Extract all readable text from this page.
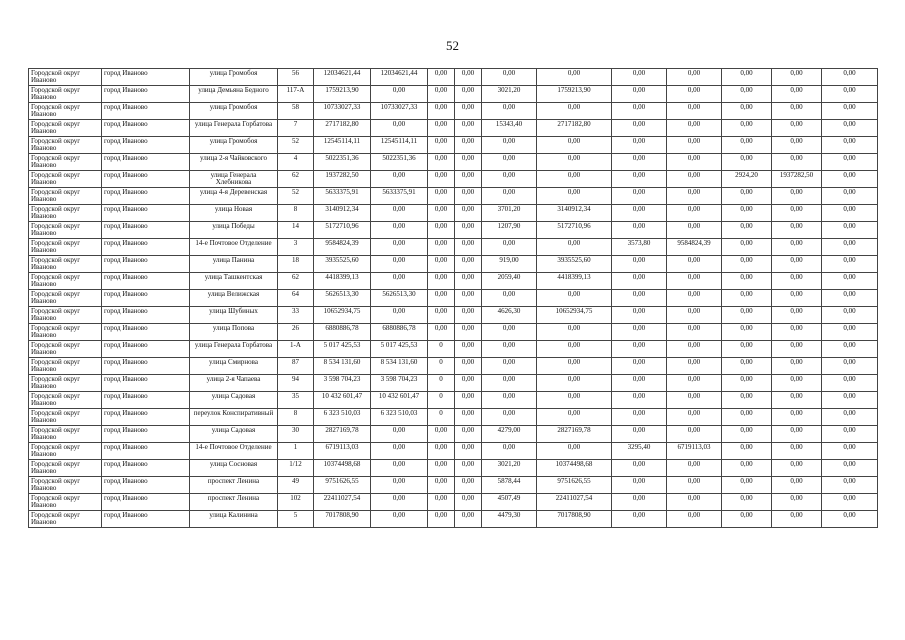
52
Городской округ Иваново	город Иваново	улица Громобоя	56	12034621,44	12034621,44	0,00	0,00	0,00	0,00	0,00	0,00	0,00	0,00	0,00
Городской округ Иваново	город Иваново	улица Демьяна Бедного	117-А	1759213,90	0,00	0,00	0,00	3021,20	1759213,90	0,00	0,00	0,00	0,00	0,00
Городской округ Иваново	город Иваново	улица Громобоя	58	10733027,33	10733027,33	0,00	0,00	0,00	0,00	0,00	0,00	0,00	0,00	0,00
Городской округ Иваново	город Иваново	улица Генерала Горбатова	7	2717182,80	0,00	0,00	0,00	15343,40	2717182,80	0,00	0,00	0,00	0,00	0,00
Городской округ Иваново	город Иваново	улица Громобоя	52	12545114,11	12545114,11	0,00	0,00	0,00	0,00	0,00	0,00	0,00	0,00	0,00
Городской округ Иваново	город Иваново	улица 2-я Чайковского	4	5022351,36	5022351,36	0,00	0,00	0,00	0,00	0,00	0,00	0,00	0,00	0,00
Городской округ Иваново	город Иваново	улица Генерала Хлебникова	62	1937282,50	0,00	0,00	0,00	0,00	0,00	0,00	0,00	2924,20	1937282,50	0,00
Городской округ Иваново	город Иваново	улица 4-я Деревенская	52	5633375,91	5633375,91	0,00	0,00	0,00	0,00	0,00	0,00	0,00	0,00	0,00
Городской округ Иваново	город Иваново	улица Новая	8	3140912,34	0,00	0,00	0,00	3701,20	3140912,34	0,00	0,00	0,00	0,00	0,00
Городской округ Иваново	город Иваново	улица Победы	14	5172710,96	0,00	0,00	0,00	1207,90	5172710,96	0,00	0,00	0,00	0,00	0,00
Городской округ Иваново	город Иваново	14-е Почтовое Отделение	3	9584824,39	0,00	0,00	0,00	0,00	0,00	3573,80	9584824,39	0,00	0,00	0,00
Городской округ Иваново	город Иваново	улица Панина	18	3935525,60	0,00	0,00	0,00	919,00	3935525,60	0,00	0,00	0,00	0,00	0,00
Городской округ Иваново	город Иваново	улица Ташкентская	62	4418399,13	0,00	0,00	0,00	2059,40	4418399,13	0,00	0,00	0,00	0,00	0,00
Городской округ Иваново	город Иваново	улица Велижская	64	5626513,30	5626513,30	0,00	0,00	0,00	0,00	0,00	0,00	0,00	0,00	0,00
Городской округ Иваново	город Иваново	улица Шубиных	33	10652934,75	0,00	0,00	0,00	4626,30	10652934,75	0,00	0,00	0,00	0,00	0,00
Городской округ Иваново	город Иваново	улица Попова	26	6880886,78	6880886,78	0,00	0,00	0,00	0,00	0,00	0,00	0,00	0,00	0,00
Городской округ Иваново	город Иваново	улица Генерала Горбатова	1-А	5 017 425,53	5 017 425,53	0	0,00	0,00	0,00	0,00	0,00	0,00	0,00	0,00
Городской округ Иваново	город Иваново	улица Смирнова	87	8 534 131,60	8 534 131,60	0	0,00	0,00	0,00	0,00	0,00	0,00	0,00	0,00
Городской округ Иваново	город Иваново	улица 2-я Чапаева	94	3 598 704,23	3 598 704,23	0	0,00	0,00	0,00	0,00	0,00	0,00	0,00	0,00
Городской округ Иваново	город Иваново	улица Садовая	35	10 432 601,47	10 432 601,47	0	0,00	0,00	0,00	0,00	0,00	0,00	0,00	0,00
Городской округ Иваново	город Иваново	переулок Конспиративный	8	6 323 510,03	6 323 510,03	0	0,00	0,00	0,00	0,00	0,00	0,00	0,00	0,00
Городской округ Иваново	город Иваново	улица Садовая	30	2827169,78	0,00	0,00	0,00	4279,00	2827169,78	0,00	0,00	0,00	0,00	0,00
Городской округ Иваново	город Иваново	14-е Почтовое Отделение	1	6719113,03	0,00	0,00	0,00	0,00	0,00	3295,40	6719113,03	0,00	0,00	0,00
Городской округ Иваново	город Иваново	улица Сосновая	1/12	10374498,68	0,00	0,00	0,00	3021,20	10374498,68	0,00	0,00	0,00	0,00	0,00
Городской округ Иваново	город Иваново	проспект Ленина	49	9751626,55	0,00	0,00	0,00	5878,44	9751626,55	0,00	0,00	0,00	0,00	0,00
Городской округ Иваново	город Иваново	проспект Ленина	102	22411027,54	0,00	0,00	0,00	4507,49	22411027,54	0,00	0,00	0,00	0,00	0,00
Городской округ Иваново	город Иваново	улица Калинина	5	7017808,90	0,00	0,00	0,00	4479,30	7017808,90	0,00	0,00	0,00	0,00	0,00
